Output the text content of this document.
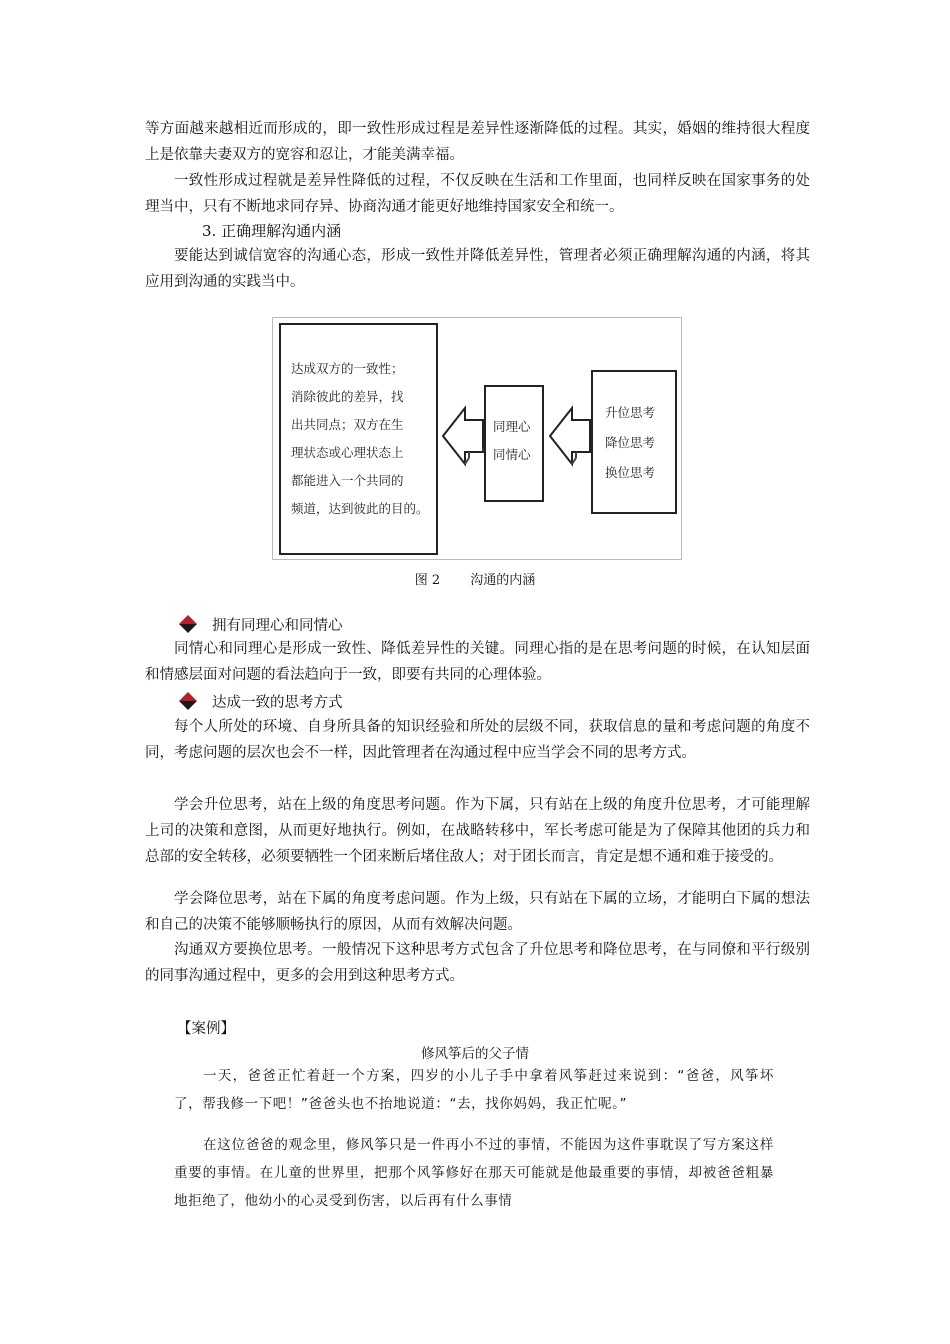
等方面越来越相近而形成的，即一致性形成过程是差异性逐渐降低的过程。其实，婚姻的维持很大程度上是依靠夫妻双方的宽容和忍让，才能美满幸福。

一致性形成过程就是差异性降低的过程，不仅反映在生活和工作里面，也同样反映在国家事务的处理当中，只有不断地求同存异、协商沟通才能更好地维持国家安全和统一。

3. 正确理解沟通内涵

要能达到诚信宽容的沟通心态，形成一致性并降低差异性，管理者必须正确理解沟通的内涵，将其应用到沟通的实践当中。

达成双方的一致性；
消除彼此的差异，找
出共同点；双方在生
理状态或心理状态上
都能进入一个共同的
频道，达到彼此的目的。
同理心
同情心
升位思考
降位思考
换位思考
图 2 沟通的内涵
拥有同理心和同情心

同情心和同理心是形成一致性、降低差异性的关键。同理心指的是在思考问题的时候，在认知层面和情感层面对问题的看法趋向于一致，即要有共同的心理体验。

达成一致的思考方式

每个人所处的环境、自身所具备的知识经验和所处的层级不同，获取信息的量和考虑问题的角度不同，考虑问题的层次也会不一样，因此管理者在沟通过程中应当学会不同的思考方式。

学会升位思考，站在上级的角度思考问题。作为下属，只有站在上级的角度升位思考，才可能理解上司的决策和意图，从而更好地执行。例如，在战略转移中，军长考虑可能是为了保障其他团的兵力和总部的安全转移，必须要牺牲一个团来断后堵住敌人；对于团长而言，肯定是想不通和难于接受的。

学会降位思考，站在下属的角度考虑问题。作为上级，只有站在下属的立场，才能明白下属的想法和自己的决策不能够顺畅执行的原因，从而有效解决问题。

沟通双方要换位思考。一般情况下这种思考方式包含了升位思考和降位思考，在与同僚和平行级别的同事沟通过程中，更多的会用到这种思考方式。

【案例】
修风筝后的父子情

一天，爸爸正忙着赶一个方案，四岁的小儿子手中拿着风筝赶过来说到：“爸爸，风筝坏了，帮我修一下吧！”爸爸头也不抬地说道：“去，找你妈妈，我正忙呢。”

在这位爸爸的观念里，修风筝只是一件再小不过的事情，不能因为这件事耽误了写方案这样重要的事情。在儿童的世界里，把那个风筝修好在那天可能就是他最重要的事情，却被爸爸粗暴地拒绝了，他幼小的心灵受到伤害，以后再有什么事情
